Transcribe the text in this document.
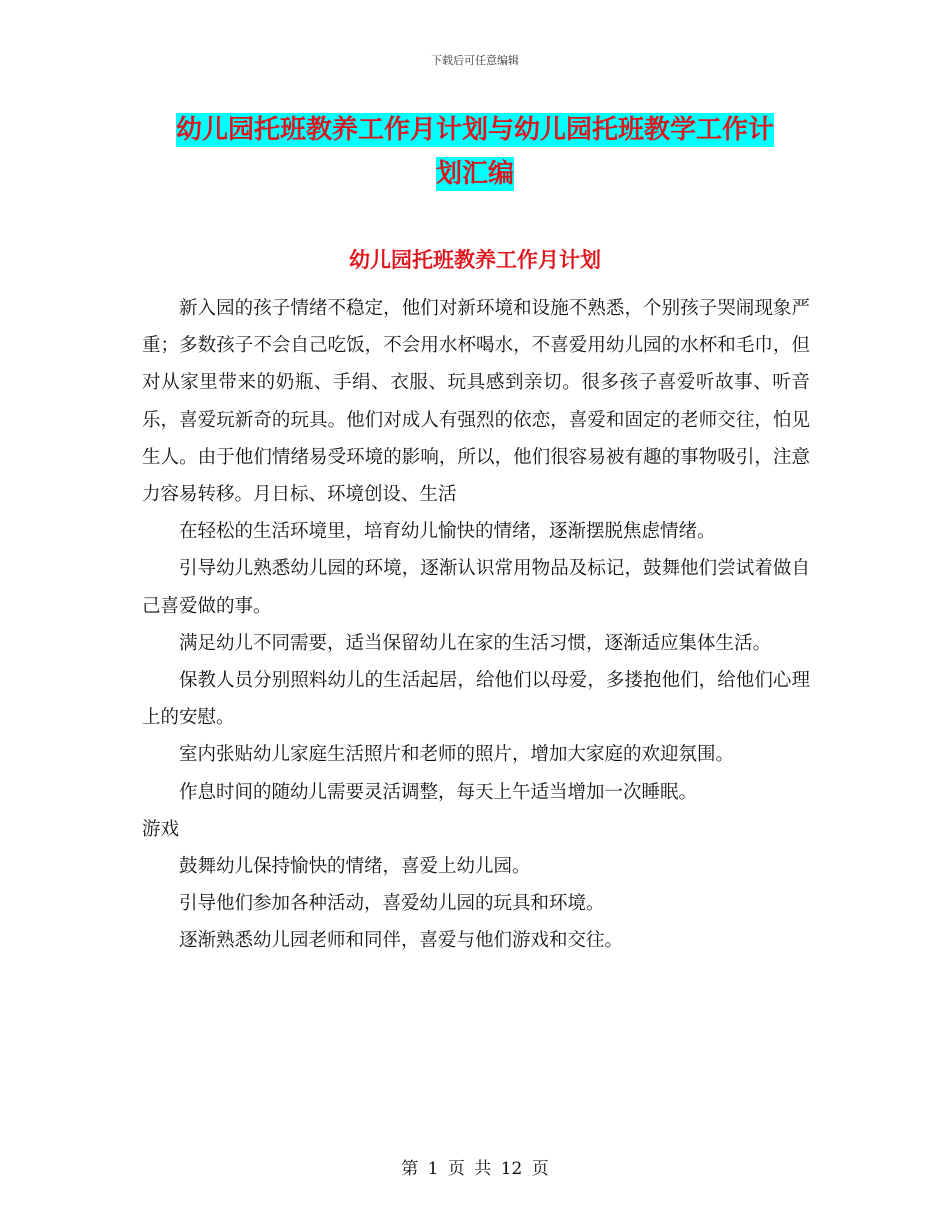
下载后可任意编辑
幼儿园托班教养工作月计划与幼儿园托班教学工作计
划汇编
幼儿园托班教养工作月计划

新入园的孩子情绪不稳定，他们对新环境和设施不熟悉，个别孩子哭闹现象严重；多数孩子不会自己吃饭，不会用水杯喝水，不喜爱用幼儿园的水杯和毛巾，但对从家里带来的奶瓶、手绢、衣服、玩具感到亲切。很多孩子喜爱听故事、听音乐，喜爱玩新奇的玩具。他们对成人有强烈的依恋，喜爱和固定的老师交往，怕见生人。由于他们情绪易受环境的影响，所以，他们很容易被有趣的事物吸引，注意力容易转移。月日标、环境创设、生活

在轻松的生活环境里，培育幼儿愉快的情绪，逐渐摆脱焦虑情绪。

引导幼儿熟悉幼儿园的环境，逐渐认识常用物品及标记，鼓舞他们尝试着做自己喜爱做的事。

满足幼儿不同需要，适当保留幼儿在家的生活习惯，逐渐适应集体生活。

保教人员分别照料幼儿的生活起居，给他们以母爱，多搂抱他们，给他们心理上的安慰。

室内张贴幼儿家庭生活照片和老师的照片，增加大家庭的欢迎氛围。

作息时间的随幼儿需要灵活调整，每天上午适当增加一次睡眠。

游戏

鼓舞幼儿保持愉快的情绪，喜爱上幼儿园。

引导他们参加各种活动，喜爱幼儿园的玩具和环境。

逐渐熟悉幼儿园老师和同伴，喜爱与他们游戏和交往。

第 1 页 共 12 页
